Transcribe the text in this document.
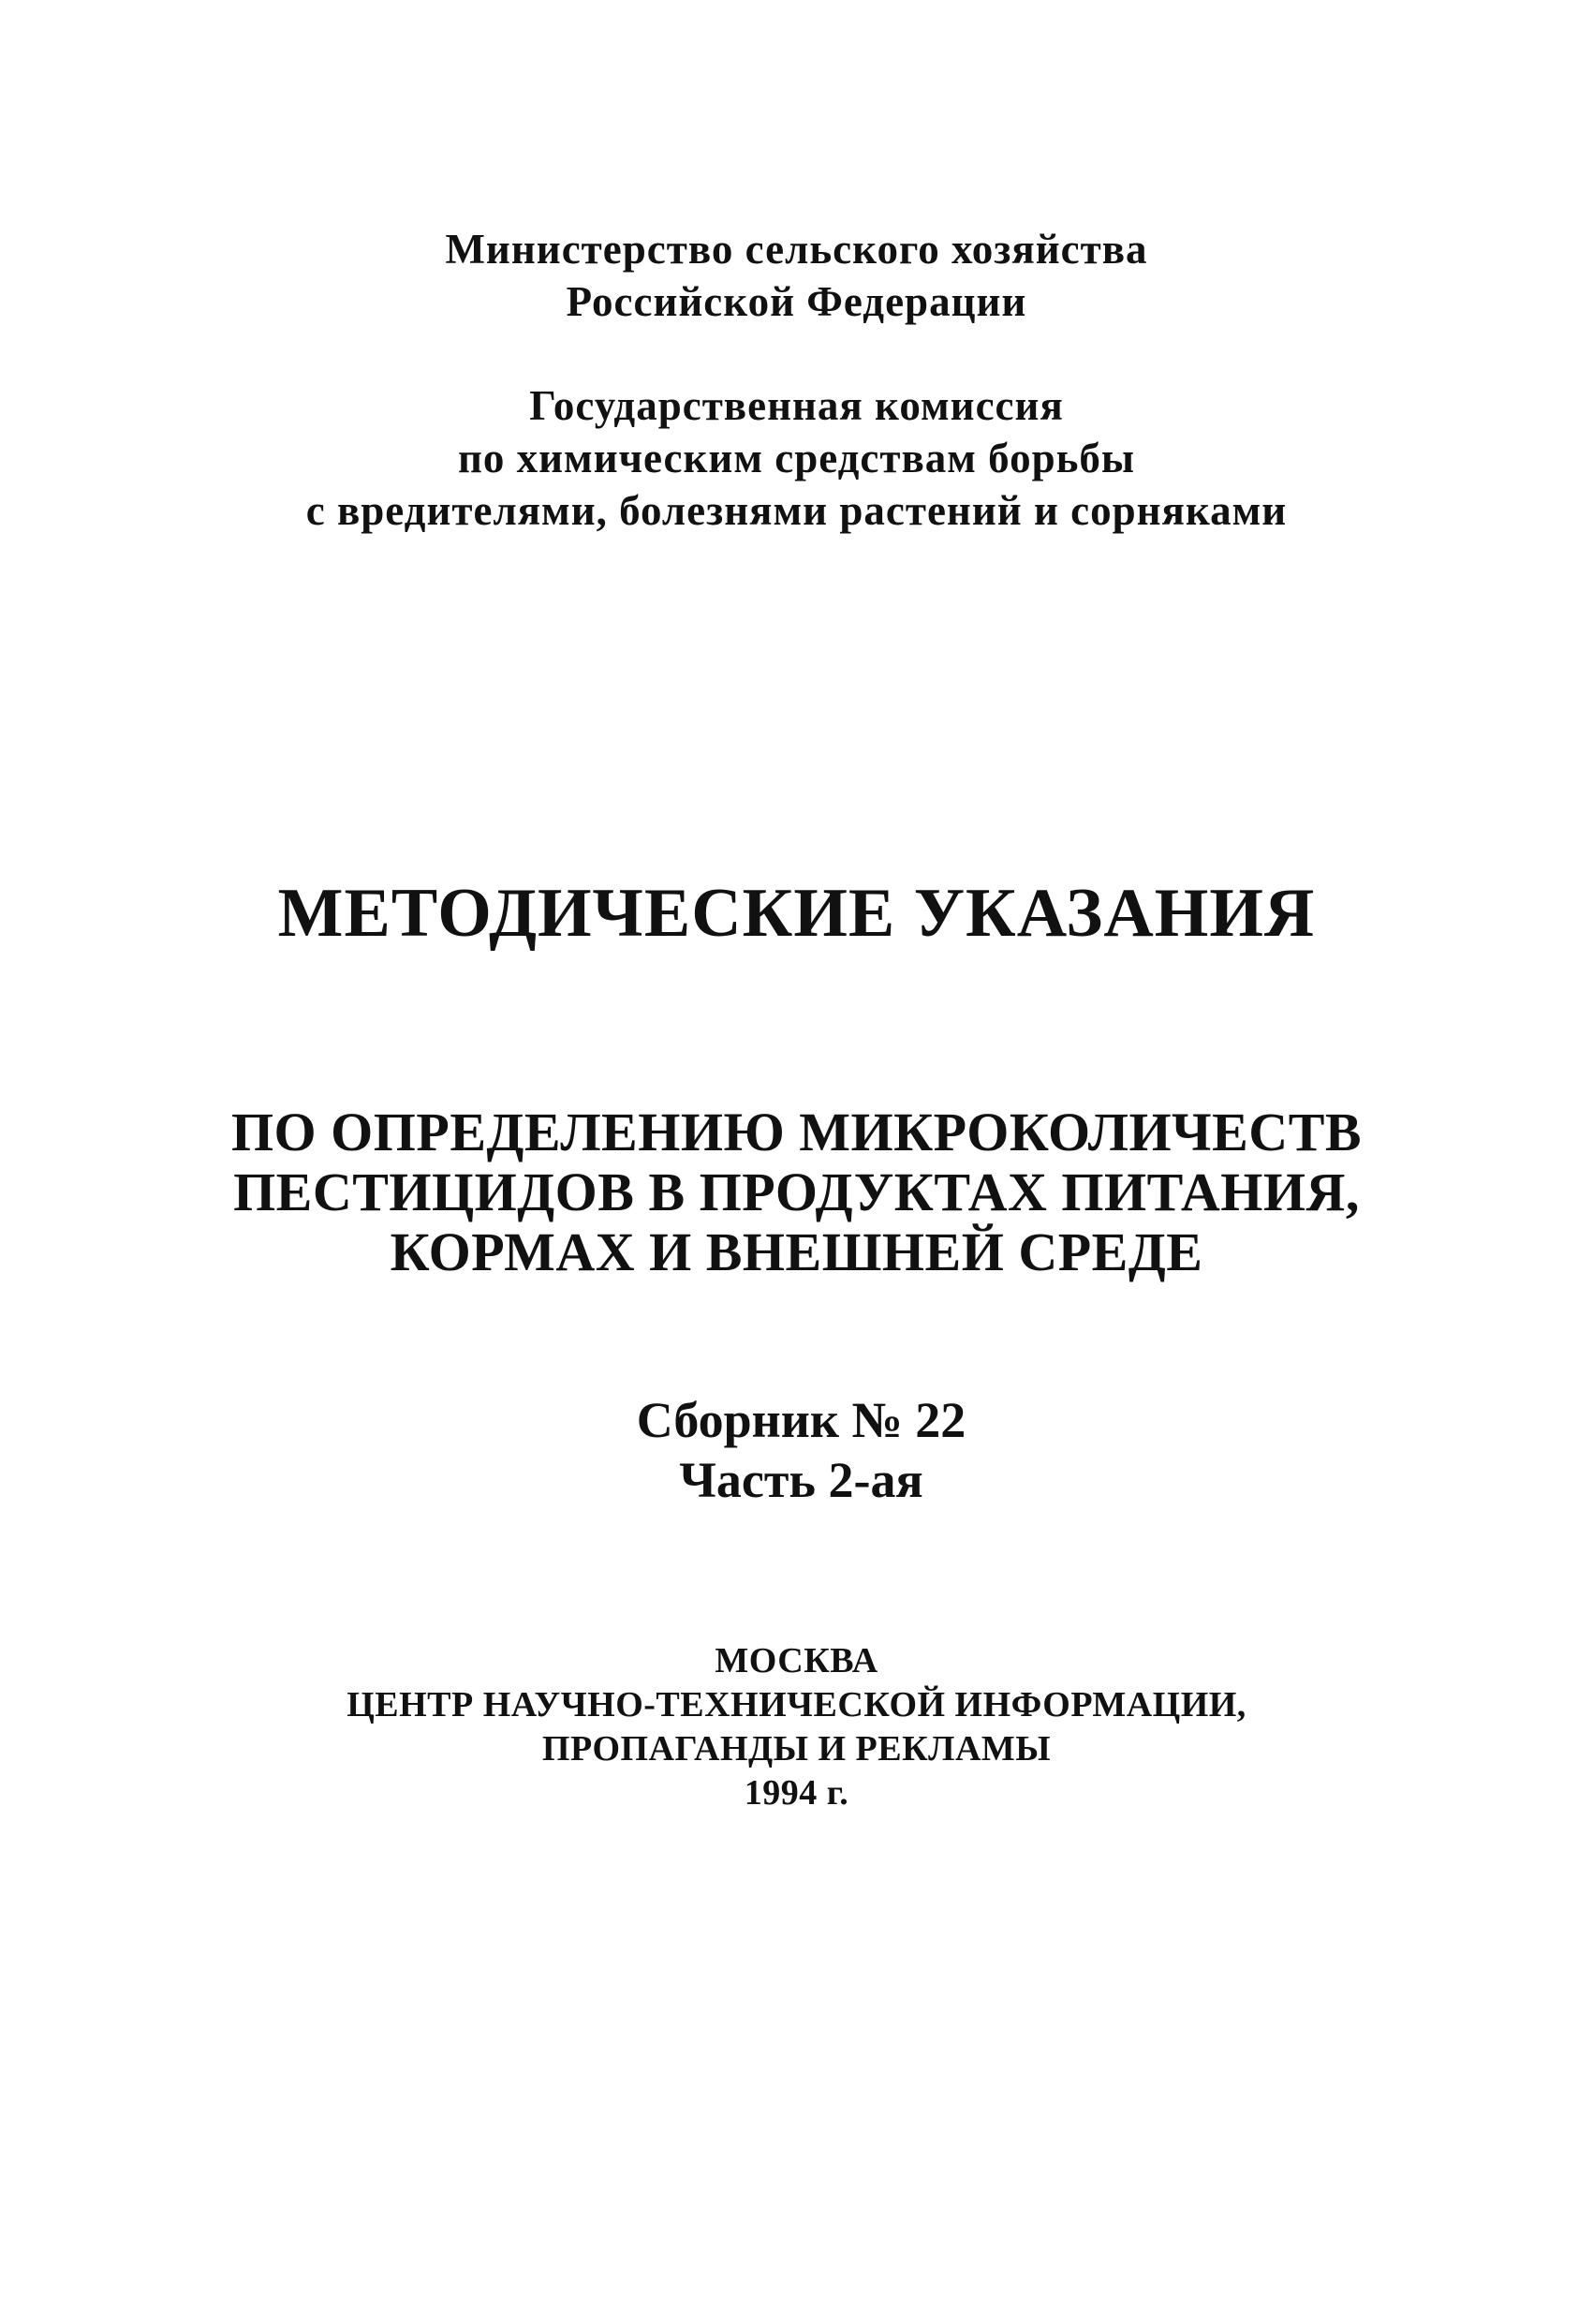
Министерство сельского хозяйства
Российской Федерации
Государственная комиссия
по химическим средствам борьбы
с вредителями, болезнями растений и сорняками
МЕТОДИЧЕСКИЕ УКАЗАНИЯ
ПО ОПРЕДЕЛЕНИЮ МИКРОКОЛИЧЕСТВ
ПЕСТИЦИДОВ В ПРОДУКТАХ ПИТАНИЯ,
КОРМАХ И ВНЕШНЕЙ СРЕДЕ
Сборник № 22
Часть 2-ая
МОСКВА
ЦЕНТР НАУЧНО-ТЕХНИЧЕСКОЙ ИНФОРМАЦИИ,
ПРОПАГАНДЫ И РЕКЛАМЫ
1994 г.
